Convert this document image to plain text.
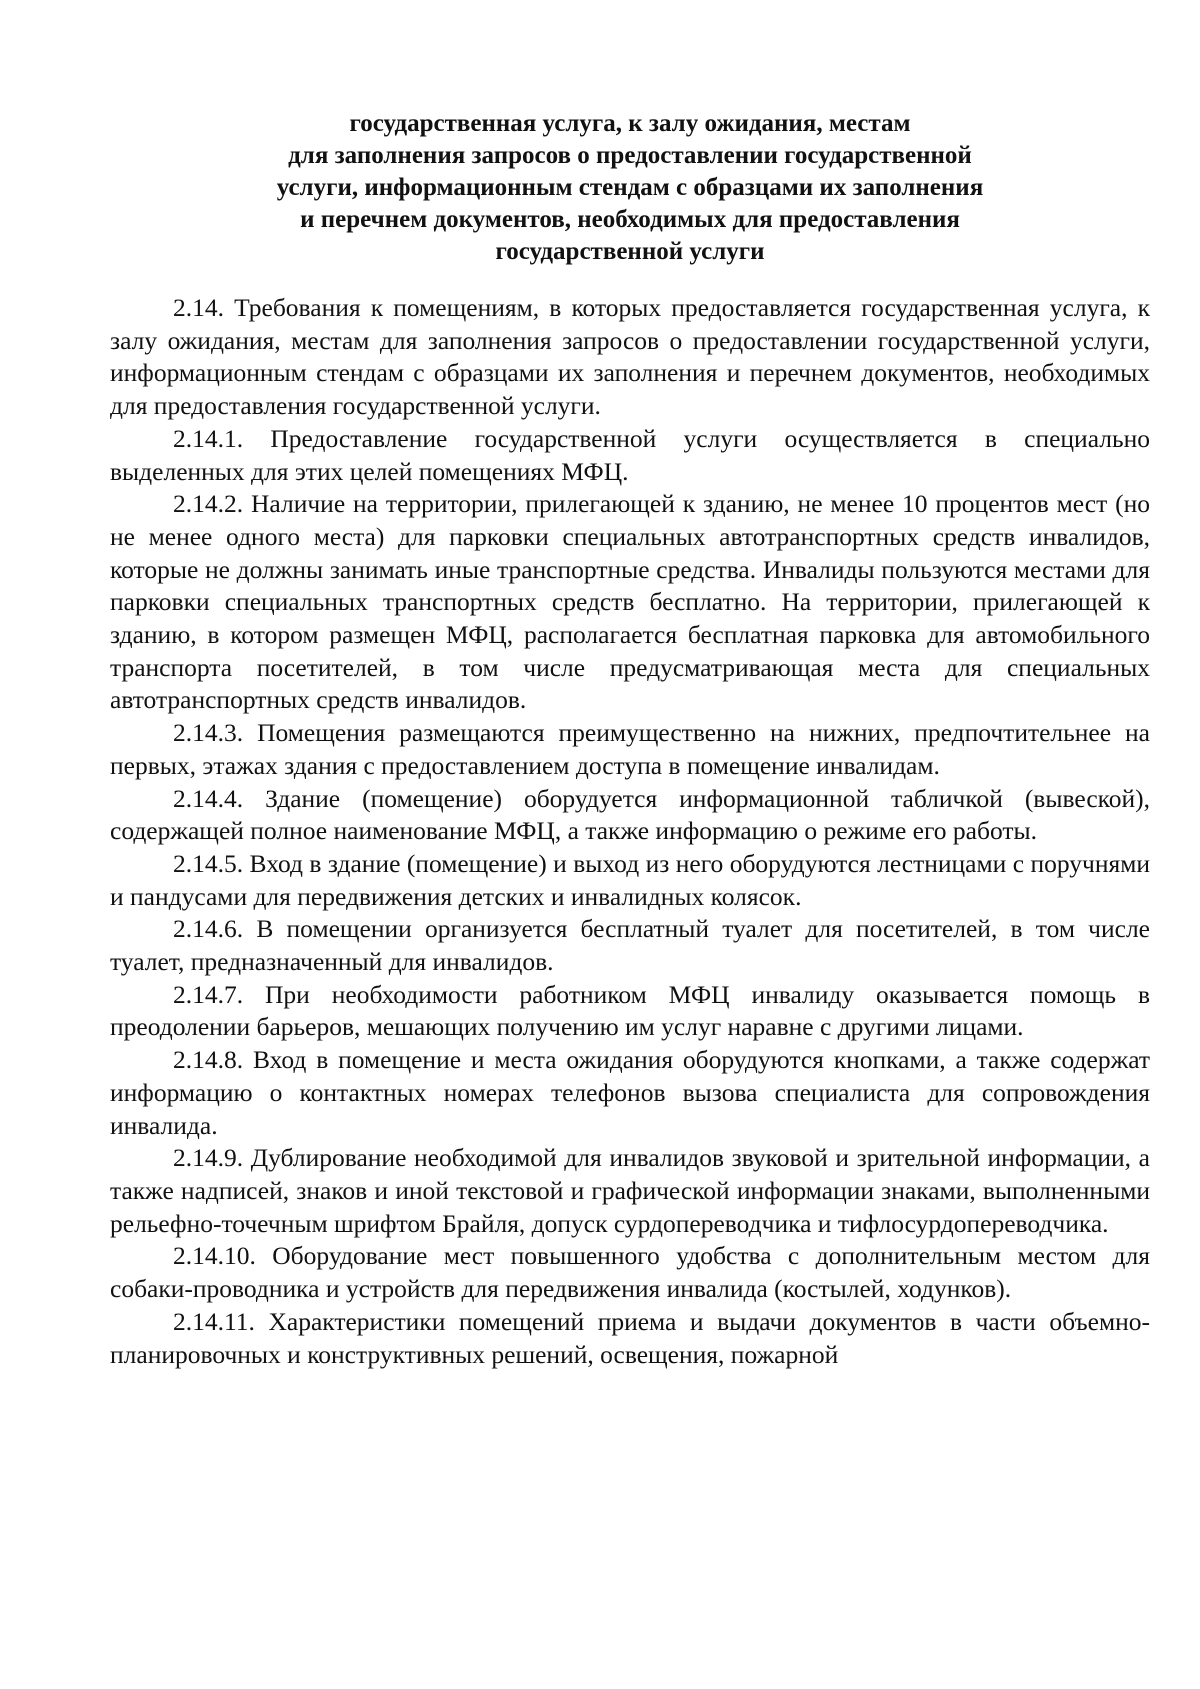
государственная услуга, к залу ожидания, местам
для заполнения запросов о предоставлении государственной
услуги, информационным стендам с образцами их заполнения
и перечнем документов, необходимых для предоставления
государственной услуги

2.14. Требования к помещениям, в которых предоставляется государственная услуга, к залу ожидания, местам для заполнения запросов о предоставлении государственной услуги, информационным стендам с образцами их заполнения и перечнем документов, необходимых для предоставления государственной услуги.

2.14.1. Предоставление государственной услуги осуществляется в специально выделенных для этих целей помещениях МФЦ.

2.14.2. Наличие на территории, прилегающей к зданию, не менее 10 процентов мест (но не менее одного места) для парковки специальных автотранспортных средств инвалидов, которые не должны занимать иные транспортные средства. Инвалиды пользуются местами для парковки специальных транспортных средств бесплатно. На территории, прилегающей к зданию, в котором размещен МФЦ, располагается бесплатная парковка для автомобильного транспорта посетителей, в том числе предусматривающая места для специальных автотранспортных средств инвалидов.

2.14.3. Помещения размещаются преимущественно на нижних, предпочтительнее на первых, этажах здания с предоставлением доступа в помещение инвалидам.

2.14.4. Здание (помещение) оборудуется информационной табличкой (вывеской), содержащей полное наименование МФЦ, а также информацию о режиме его работы.

2.14.5. Вход в здание (помещение) и выход из него оборудуются лестницами с поручнями и пандусами для передвижения детских и инвалидных колясок.

2.14.6. В помещении организуется бесплатный туалет для посетителей, в том числе туалет, предназначенный для инвалидов.

2.14.7. При необходимости работником МФЦ инвалиду оказывается помощь в преодолении барьеров, мешающих получению им услуг наравне с другими лицами.

2.14.8. Вход в помещение и места ожидания оборудуются кнопками, а также содержат информацию о контактных номерах телефонов вызова специалиста для сопровождения инвалида.

2.14.9. Дублирование необходимой для инвалидов звуковой и зрительной информации, а также надписей, знаков и иной текстовой и графической информации знаками, выполненными рельефно-точечным шрифтом Брайля, допуск сурдопереводчика и тифлосурдопереводчика.

2.14.10. Оборудование мест повышенного удобства с дополнительным местом для собаки-проводника и устройств для передвижения инвалида (костылей, ходунков).

2.14.11. Характеристики помещений приема и выдачи документов в части объемно-планировочных и конструктивных решений, освещения, пожарной
